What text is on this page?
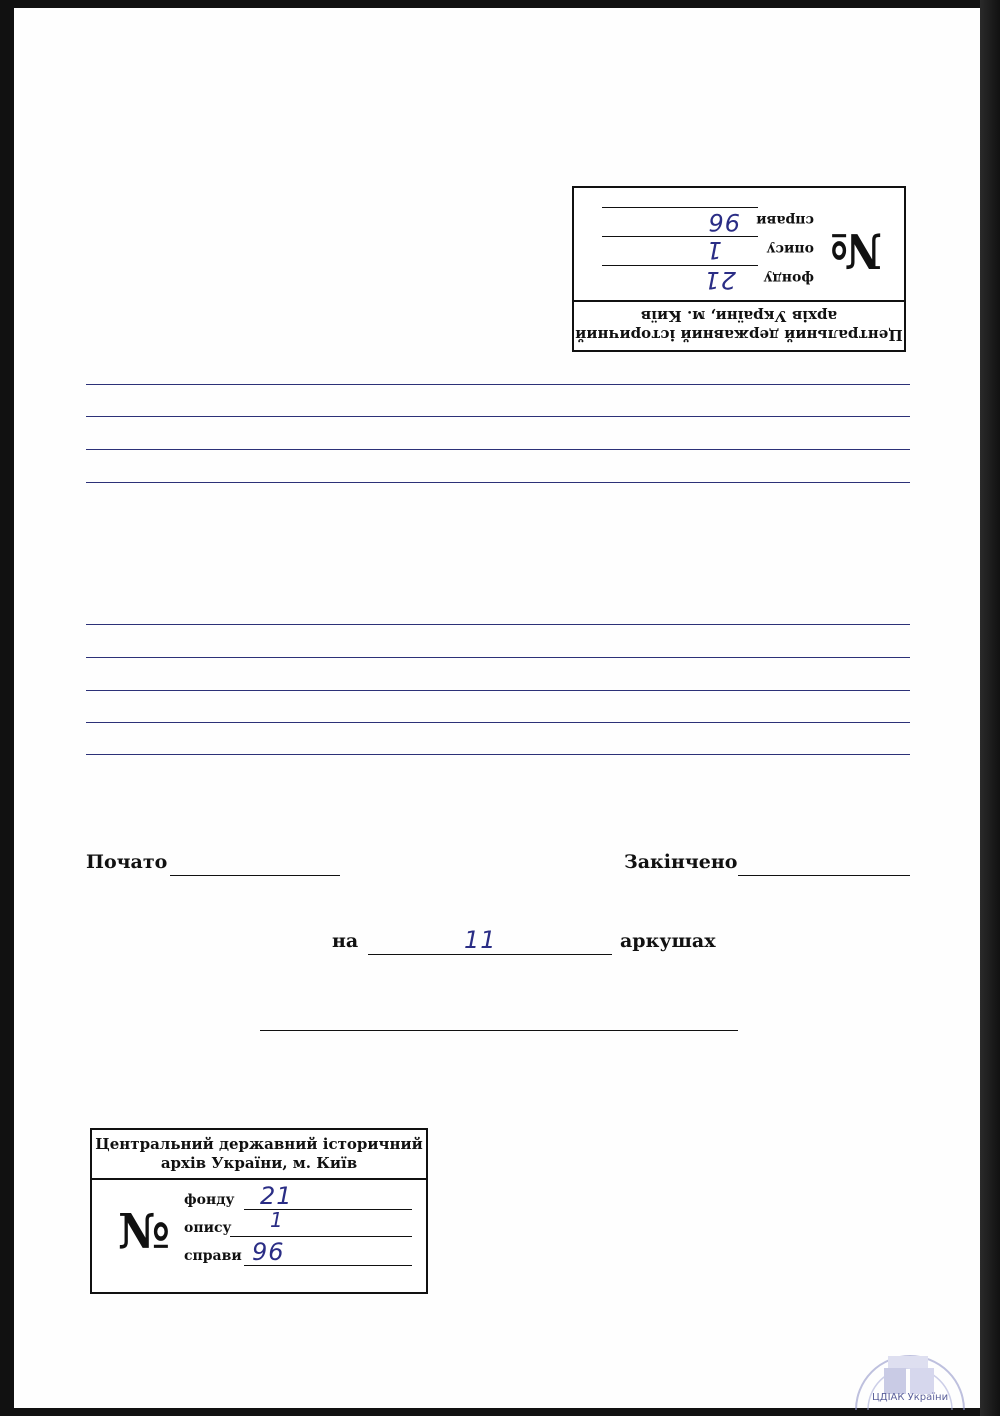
Центральний державний історичний
архів України, м. Київ
№
фонду
21
опису
1
справи
96
Почато	Закінчено
на	11	аркушах
Центральний державний історичний
архів України, м. Київ
№
фонду 21
опису 1
справи 96
ЦДІАК України
